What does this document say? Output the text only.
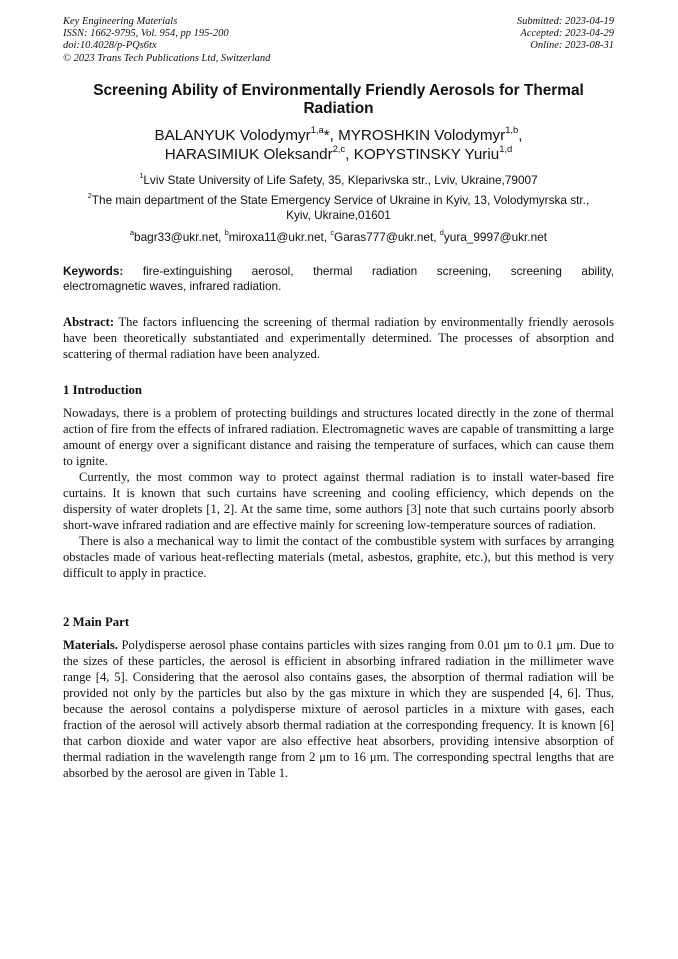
Key Engineering Materials
ISSN: 1662-9795, Vol. 954, pp 195-200
doi:10.4028/p-PQs6tx
© 2023 Trans Tech Publications Ltd, Switzerland
Submitted: 2023-04-19
Accepted: 2023-04-29
Online: 2023-08-31
Screening Ability of Environmentally Friendly Aerosols for Thermal
Radiation
BALANYUK Volodymyr$^{1,a}$*, MYROSHKIN Volodymyr$^{1,b}$,
HARASIMIUK Oleksandr$^{2,c}$, KOPYSTINSKY Yuriu$^{1,d}$
$^1$Lviv State University of Life Safety, 35, Kleparivska str., Lviv, Ukraine,79007
$^2$The main department of the State Emergency Service of Ukraine in Kyiv, 13, Volodymyrska str.,
Kyiv, Ukraine,01601
$^a$bagr33@ukr.net, $^b$miroxa11@ukr.net, $^c$Garas777@ukr.net, $^d$yura_9997@ukr.net
Keywords: fire-extinguishing aerosol, thermal radiation screening, screening ability,
electromagnetic waves, infrared radiation.
Abstract: The factors influencing the screening of thermal radiation by environmentally friendly aerosols have been theoretically substantiated and experimentally determined. The processes of absorption and scattering of thermal radiation have been analyzed.
1 Introduction
Nowadays, there is a problem of protecting buildings and structures located directly in the zone of thermal action of fire from the effects of infrared radiation. Electromagnetic waves are capable of transmitting a large amount of energy over a significant distance and raising the temperature of surfaces, which can cause them to ignite.
Currently, the most common way to protect against thermal radiation is to install water-based fire curtains. It is known that such curtains have screening and cooling efficiency, which depends on the dispersity of water droplets [1, 2]. At the same time, some authors [3] note that such curtains poorly absorb short-wave infrared radiation and are effective mainly for screening low-temperature sources of radiation.
There is also a mechanical way to limit the contact of the combustible system with surfaces by arranging obstacles made of various heat-reflecting materials (metal, asbestos, graphite, etc.), but this method is very difficult to apply in practice.
2 Main Part
Materials. Polydisperse aerosol phase contains particles with sizes ranging from 0.01 μm to 0.1 μm. Due to the sizes of these particles, the aerosol is efficient in absorbing infrared radiation in the millimeter wave range [4, 5]. Considering that the aerosol also contains gases, the absorption of thermal radiation will be provided not only by the particles but also by the gas mixture in which they are suspended [4, 6]. Thus, because the aerosol contains a polydisperse mixture of aerosol particles in a mixture with gases, each fraction of the aerosol will actively absorb thermal radiation at the corresponding frequency. It is known [6] that carbon dioxide and water vapor are also effective heat absorbers, providing intensive absorption of thermal radiation in the wavelength range from 2 μm to 16 μm. The corresponding spectral lengths that are absorbed by the aerosol are given in Table 1.
